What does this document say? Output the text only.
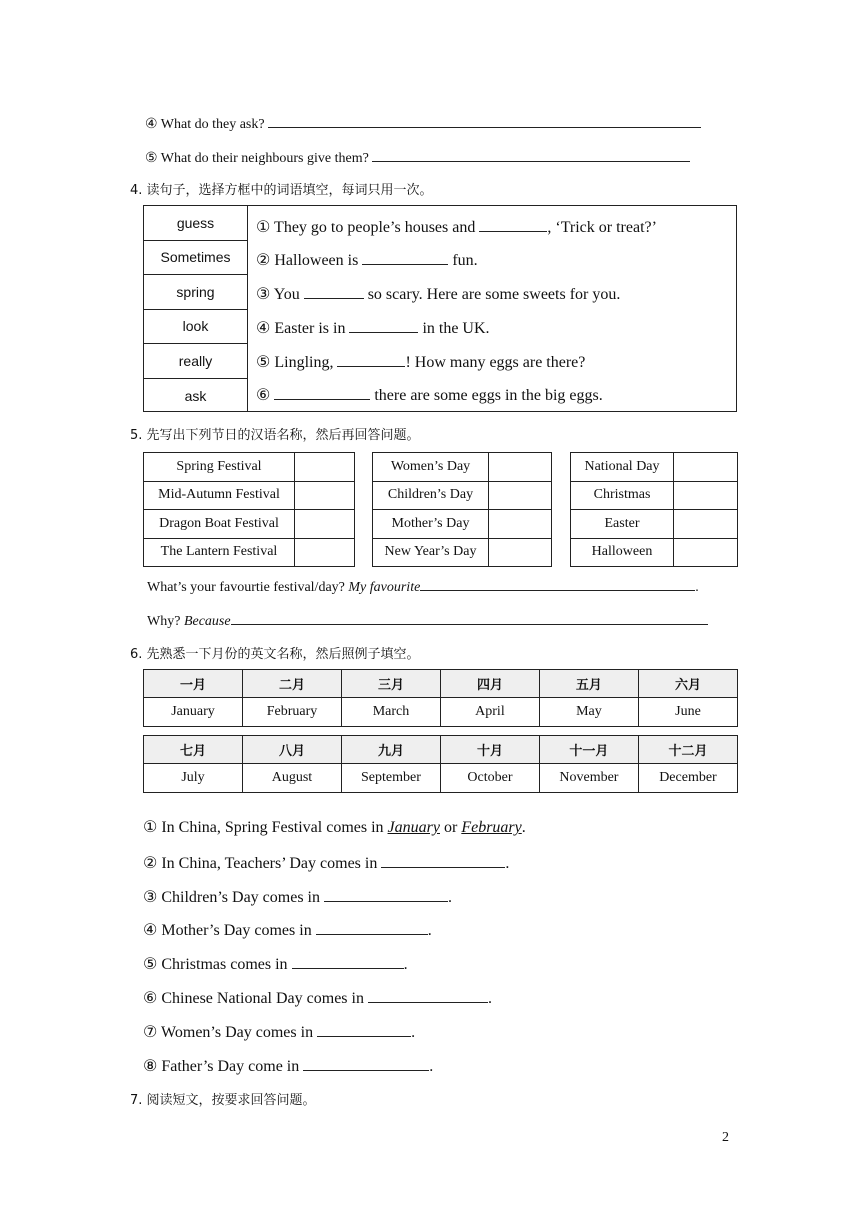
④ What do they ask?
⑤ What do their neighbours give them?
4. 读句子，选择方框中的词语填空，每词只用一次。
guess
Sometimes
spring
look
really
ask
① They go to people’s houses and	, ‘Trick or treat?’
② Halloween is	fun.
③ You	so scary. Here are some sweets for you.
④ Easter is in	in the UK.
⑤ Lingling,	! How many eggs are there?
⑥	there are some eggs in the big eggs.
5. 先写出下列节日的汉语名称，然后再回答问题。
Spring Festival	
Mid-Autumn Festival	
Dragon Boat Festival	
The Lantern Festival	
Women’s Day	
Children’s Day	
Mother’s Day	
New Year’s Day	
National Day	
Christmas	
Easter	
Halloween	
What’s your favourtie festival/day? My favourite	.
Why? Because
6. 先熟悉一下月份的英文名称，然后照例子填空。
一月	二月	三月	四月	五月	六月
January	February	March	April	May	June
七月	八月	九月	十月	十一月	十二月
July	August	September	October	November	December
① In China, Spring Festival comes in January or February.
② In China, Teachers’ Day comes in	.
③ Children’s Day comes in	.
④ Mother’s Day comes in	.
⑤ Christmas comes in	.
⑥ Chinese National Day comes in	.
⑦ Women’s Day comes in	.
⑧ Father’s Day come in	.
7. 阅读短文，按要求回答问题。
2
